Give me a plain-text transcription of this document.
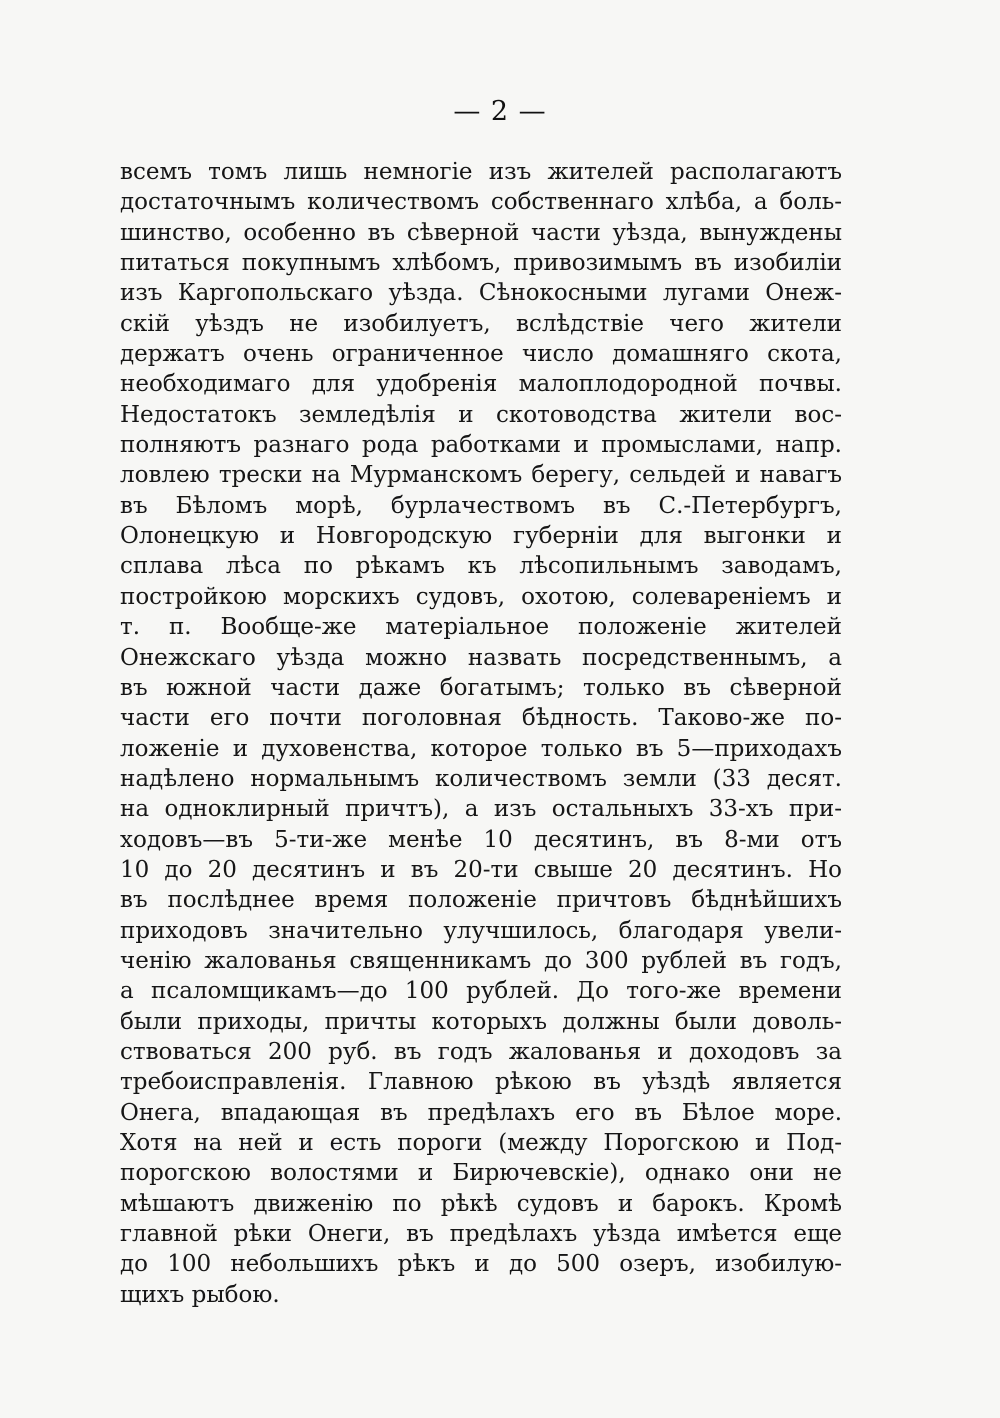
— 2 —
всемъ томъ лишь немногіе изъ жителей располагаютъ
достаточнымъ количествомъ собственнаго хлѣба, а боль-
шинство, особенно въ сѣверной части уѣзда, вынуждены
питаться покупнымъ хлѣбомъ, привозимымъ въ изобиліи
изъ Каргопольскаго уѣзда. Сѣнокосными лугами Онеж-
скій уѣздъ не изобилуетъ, вслѣдствіе чего жители
держатъ очень ограниченное число домашняго скота,
необходимаго для удобренія малоплодородной почвы.
Недостатокъ земледѣлія и скотоводства жители вос-
полняютъ разнаго рода работками и промыслами, напр.
ловлею трески на Мурманскомъ берегу, сельдей и навагъ
въ Бѣломъ морѣ, бурлачествомъ въ С.-Петербургъ,
Олонецкую и Новгородскую губерніи для выгонки и
сплава лѣса по рѣкамъ къ лѣсопильнымъ заводамъ,
постройкою морскихъ судовъ, охотою, солевареніемъ и
т. п. Вообще-же матеріальное положеніе жителей
Онежскаго уѣзда можно назвать посредственнымъ, а
въ южной части даже богатымъ; только въ сѣверной
части его почти поголовная бѣдность. Таково-же по-
ложеніе и духовенства, которое только въ 5—приходахъ
надѣлено нормальнымъ количествомъ земли (33 десят.
на одноклирный причтъ), а изъ остальныхъ 33-хъ при-
ходовъ—въ 5-ти-же менѣе 10 десятинъ, въ 8-ми отъ
10 до 20 десятинъ и въ 20-ти свыше 20 десятинъ. Но
въ послѣднее время положеніе причтовъ бѣднѣйшихъ
приходовъ значительно улучшилось, благодаря увели-
ченію жалованья священникамъ до 300 рублей въ годъ,
а псаломщикамъ—до 100 рублей. До того-же времени
были приходы, причты которыхъ должны были доволь-
ствоваться 200 руб. въ годъ жалованья и доходовъ за
требоисправленія. Главною рѣкою въ уѣздѣ является
Онега, впадающая въ предѣлахъ его въ Бѣлое море.
Хотя на ней и есть пороги (между Порогскою и Под-
порогскою волостями и Бирючевскіе), однако они не
мѣшаютъ движенію по рѣкѣ судовъ и барокъ. Кромѣ
главной рѣки Онеги, въ предѣлахъ уѣзда имѣется еще
до 100 небольшихъ рѣкъ и до 500 озеръ, изобилую-
щихъ рыбою.
